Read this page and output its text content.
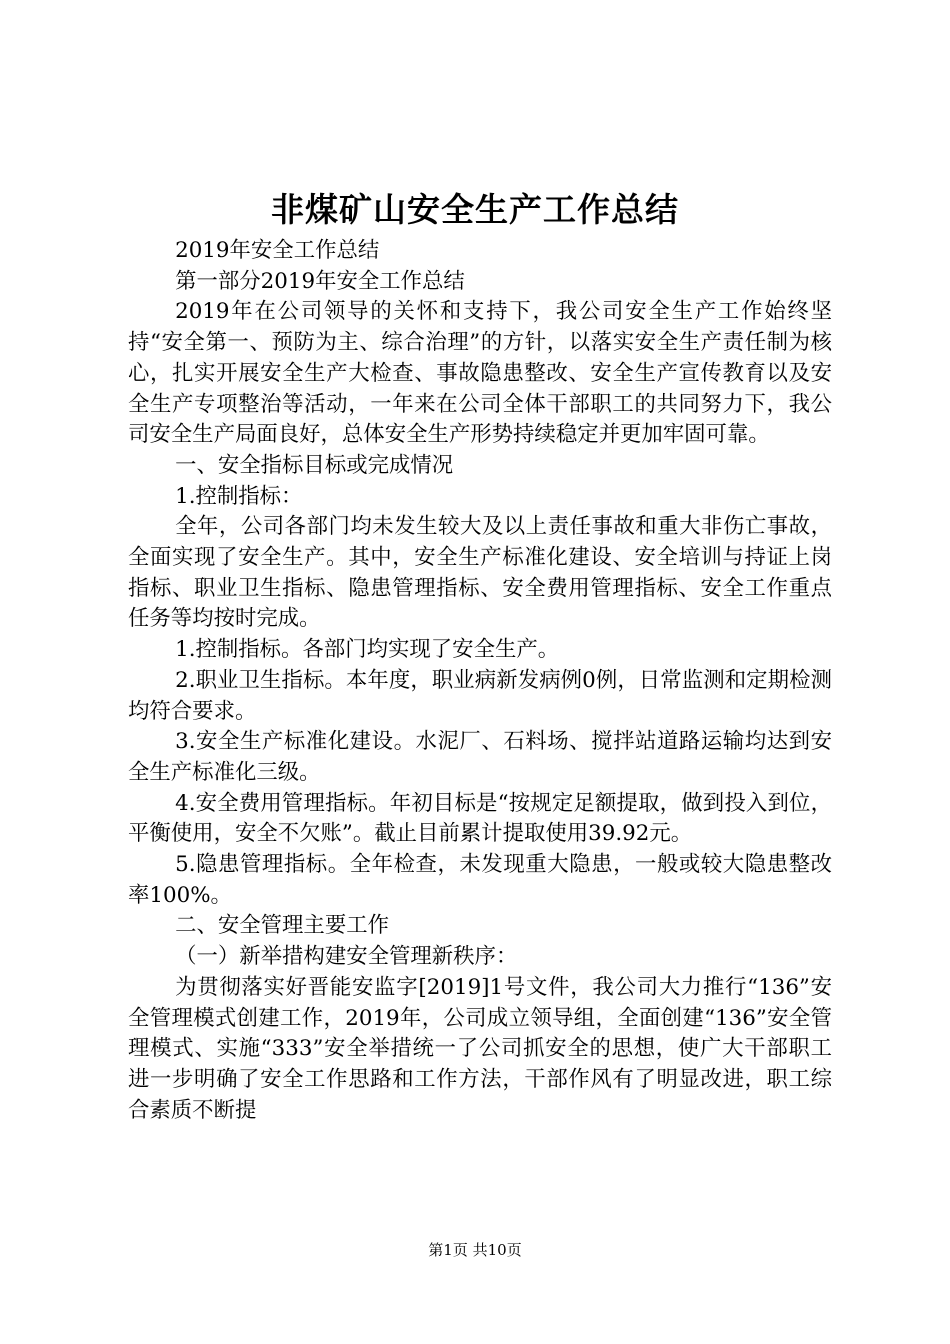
非煤矿山安全生产工作总结

2019年安全工作总结

第一部分2019年安全工作总结

2019年在公司领导的关怀和支持下，我公司安全生产工作始终坚持“安全第一、预防为主、综合治理”的方针，以落实安全生产责任制为核心，扎实开展安全生产大检查、事故隐患整改、安全生产宣传教育以及安全生产专项整治等活动，一年来在公司全体干部职工的共同努力下，我公司安全生产局面良好，总体安全生产形势持续稳定并更加牢固可靠。

一、安全指标目标或完成情况

1.控制指标：

全年，公司各部门均未发生较大及以上责任事故和重大非伤亡事故，全面实现了安全生产。其中，安全生产标准化建设、安全培训与持证上岗指标、职业卫生指标、隐患管理指标、安全费用管理指标、安全工作重点任务等均按时完成。

1.控制指标。各部门均实现了安全生产。

2.职业卫生指标。本年度，职业病新发病例0例，日常监测和定期检测均符合要求。

3.安全生产标准化建设。水泥厂、石料场、搅拌站道路运输均达到安全生产标准化三级。

4.安全费用管理指标。年初目标是“按规定足额提取，做到投入到位，平衡使用，安全不欠账”。截止目前累计提取使用39.92元。

5.隐患管理指标。全年检查，未发现重大隐患，一般或较大隐患整改率100%。

二、安全管理主要工作

（一）新举措构建安全管理新秩序：

为贯彻落实好晋能安监字[2019]1号文件，我公司大力推行“136”安全管理模式创建工作，2019年，公司成立领导组，全面创建“136”安全管理模式、实施“333”安全举措统一了公司抓安全的思想，使广大干部职工进一步明确了安全工作思路和工作方法，干部作风有了明显改进，职工综合素质不断提

第1页 共10页
